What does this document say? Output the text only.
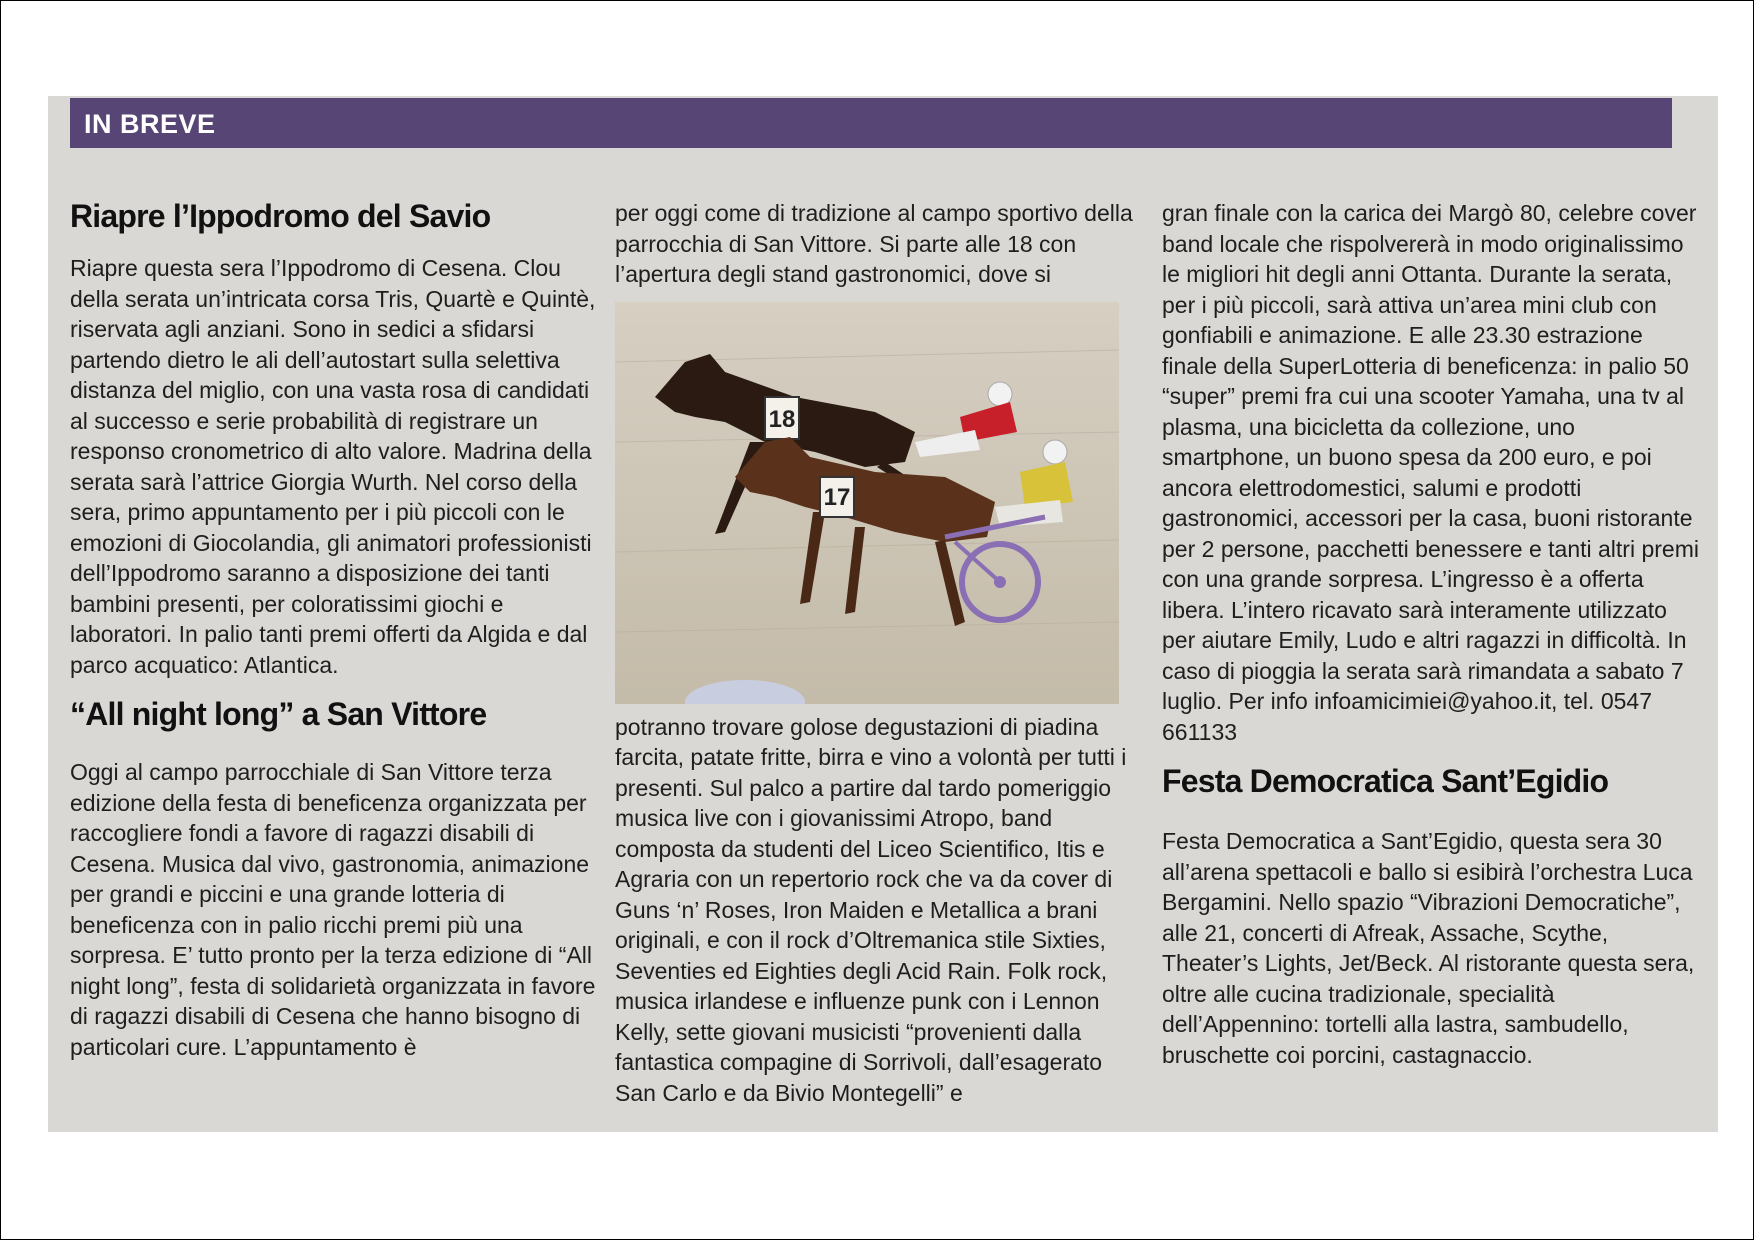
IN BREVE
Riapre l’Ippodromo del Savio

Riapre questa sera l’Ippodromo di Cesena. Clou della serata un’intricata corsa Tris, Quartè e Quintè, riservata agli anziani. Sono in sedici a sfidarsi partendo dietro le ali dell’autostart sulla selettiva distanza del miglio, con una vasta rosa di candidati al successo e serie probabilità di registrare un responso cronometrico di alto valore. Madrina della serata sarà l’attrice Giorgia Wurth. Nel corso della sera, primo appuntamento per i più piccoli con le emozioni di Giocolandia, gli animatori professionisti dell’Ippodromo saranno a disposizione dei tanti bambini presenti, per coloratissimi giochi e laboratori. In palio tanti premi offerti da Algida e dal parco acquatico: Atlantica.

“All night long” a San Vittore

Oggi al campo parrocchiale di San Vittore terza edizione della festa di beneficenza organizzata per raccogliere fondi a favore di ragazzi disabili di Cesena. Musica dal vivo, gastronomia, animazione per grandi e piccini e una grande lotteria di beneficenza con in palio ricchi premi più una sorpresa. E’ tutto pronto per la terza edizione di “All night long”, festa di solidarietà organizzata in favore di ragazzi disabili di Cesena che hanno bisogno di particolari cure. L’appuntamento è

per oggi come di tradizione al campo sportivo della parrocchia di San Vittore. Si parte alle 18 con l’apertura degli stand gastronomici, dove si

18
17

potranno trovare golose degustazioni di piadina farcita, patate fritte, birra e vino a volontà per tutti i presenti. Sul palco a partire dal tardo pomeriggio musica live con i giovanissimi Atropo, band composta da studenti del Liceo Scientifico, Itis e Agraria con un repertorio rock che va da cover di Guns ‘n’ Roses, Iron Maiden e Metallica a brani originali, e con il rock d’Oltremanica stile Sixties, Seventies ed Eighties degli Acid Rain. Folk rock, musica irlandese e influenze punk con i Lennon Kelly, sette giovani musicisti “provenienti dalla fantastica compagine di Sorrivoli, dall’esagerato San Carlo e da Bivio Montegelli” e

gran finale con la carica dei Margò 80, celebre cover band locale che rispolvererà in modo originalissimo le migliori hit degli anni Ottanta. Durante la serata, per i più piccoli, sarà attiva un’area mini club con gonfiabili e animazione. E alle 23.30 estrazione finale della SuperLotteria di beneficenza: in palio 50 “super” premi fra cui una scooter Yamaha, una tv al plasma, una bicicletta da collezione, uno smartphone, un buono spesa da 200 euro, e poi ancora elettrodomestici, salumi e prodotti gastronomici, accessori per la casa, buoni ristorante per 2 persone, pacchetti benessere e tanti altri premi con una grande sorpresa. L’ingresso è a offerta libera. L’intero ricavato sarà interamente utilizzato per aiutare Emily, Ludo e altri ragazzi in difficoltà. In caso di pioggia la serata sarà rimandata a sabato 7 luglio. Per info infoamicimiei@yahoo.it, tel. 0547 661133

Festa Democratica Sant’Egidio

Festa Democratica a Sant’Egidio, questa sera 30 all’arena spettacoli e ballo si esibirà l’orchestra Luca Bergamini. Nello spazio “Vibrazioni Democratiche”, alle 21, concerti di Afreak, Assache, Scythe, Theater’s Lights, Jet/Beck. Al ristorante questa sera, oltre alle cucina tradizionale, specialità dell’Appennino: tortelli alla lastra, sambudello, bruschette coi porcini, castagnaccio.
